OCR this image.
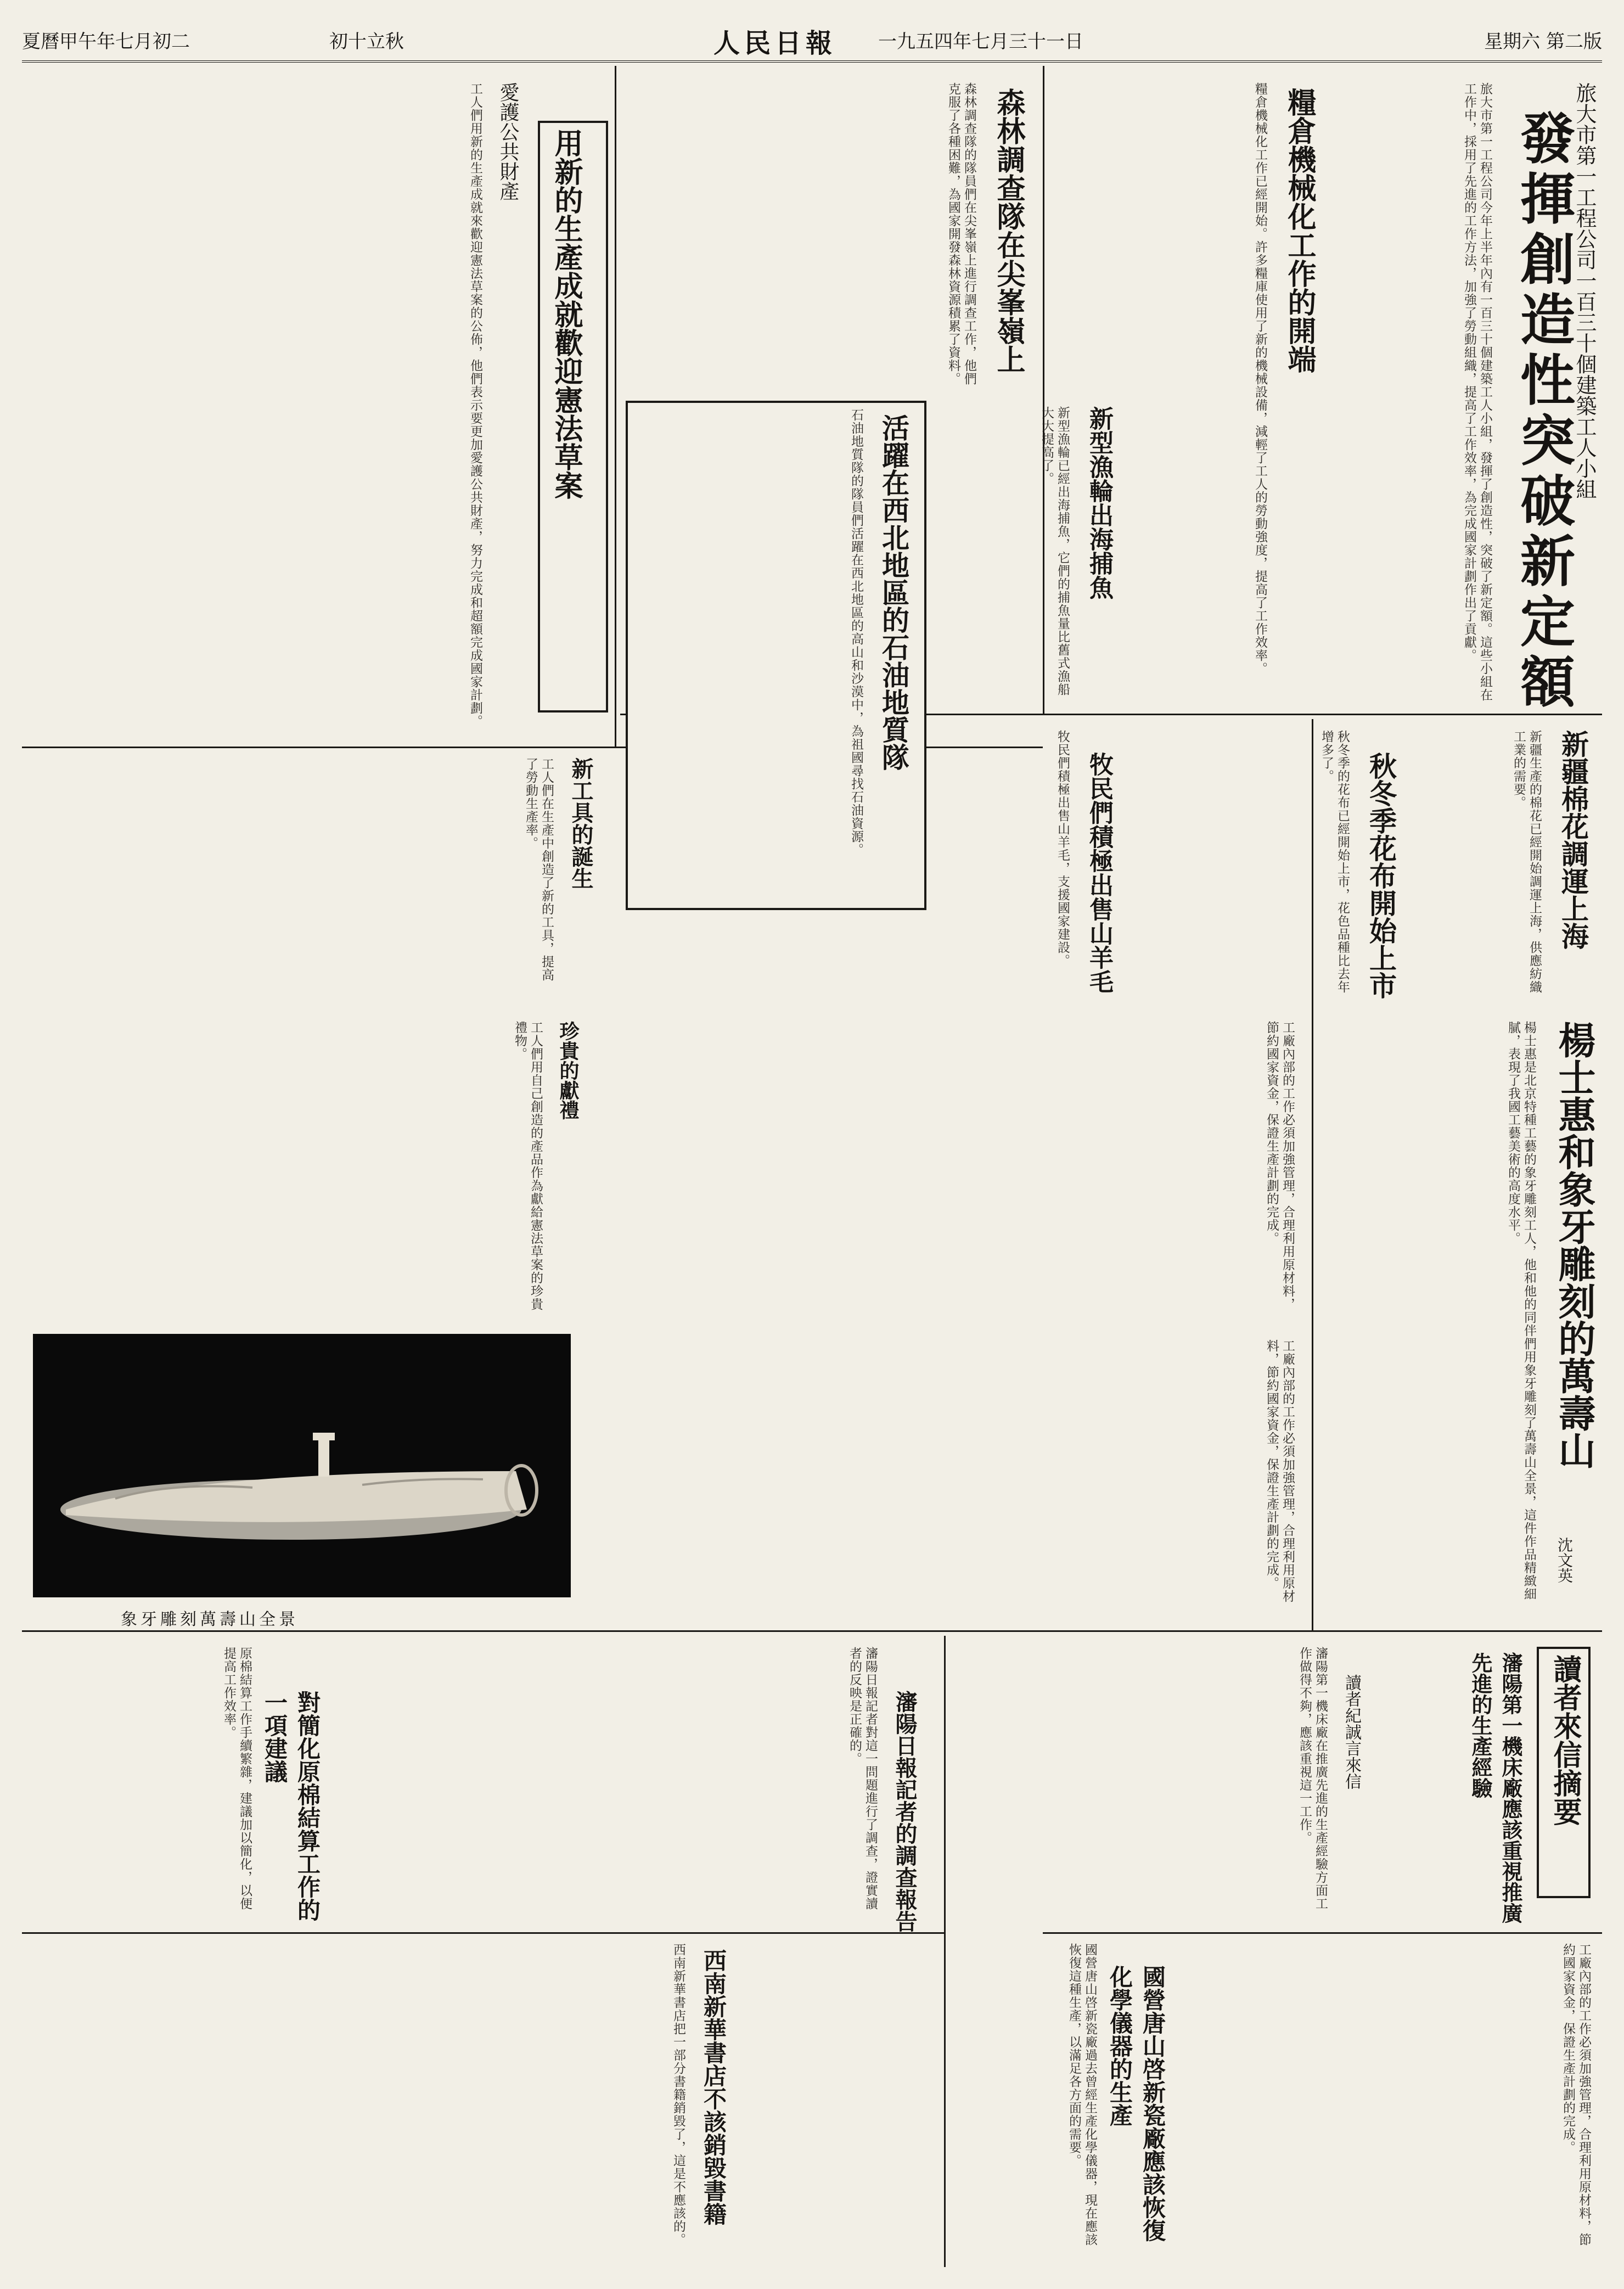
夏曆甲午年七月初二	初十立秋	人民日報 一九五四年七月三十一日	星期六 第二版
發揮創造性突破新定額
旅大市第一工程公司一百三十個建築工人小組
旅大市第一工程公司今年上半年內有一百三十個建築工人小組，發揮了創造性，突破了新定額。這些小組在工作中，採用了先進的工作方法，加強了勞動組織，提高了工作效率，為完成國家計劃作出了貢獻。
糧倉機械化工作的開端
糧倉機械化工作已經開始。許多糧庫使用了新的機械設備，減輕了工人的勞動強度，提高了工作效率。
森林調查隊在尖峯嶺上
森林調查隊的隊員們在尖峯嶺上進行調查工作，他們克服了各種困難，為國家開發森林資源積累了資料。
用新的生產成就歡迎憲法草案
愛護公共財產
工人們用新的生產成就來歡迎憲法草案的公佈，他們表示要更加愛護公共財產，努力完成和超額完成國家計劃。	新型漁輪出海捕魚
新型漁輪已經出海捕魚，它們的捕魚量比舊式漁船大大提高了。
活躍在西北地區的石油地質隊
石油地質隊的隊員們活躍在西北地區的高山和沙漠中，為祖國尋找石油資源。	新疆棉花調運上海
新疆生產的棉花已經開始調運上海，供應紡織工業的需要。
秋冬季花布開始上市
秋冬季的花布已經開始上市，花色品種比去年增多了。
牧民們積極出售山羊毛
牧民們積極出售山羊毛，支援國家建設。
新工具的誕生
工人們在生產中創造了新的工具，提高了勞動生產率。
楊士惠和象牙雕刻的萬壽山
沈文英
楊士惠是北京特種工藝的象牙雕刻工人，他和他的同伴們用象牙雕刻了萬壽山全景，這件作品精緻細膩，表現了我國工藝美術的高度水平。
珍貴的獻禮
工人們用自己創造的產品作為獻給憲法草案的珍貴禮物。	工廠內部的工作必須加強管理，合理利用原材料，節約國家資金，保證生產計劃的完成。
工廠內部的工作必須加強管理，合理利用原材料，節約國家資金，保證生產計劃的完成。
象牙雕刻萬壽山全景
讀者來信摘要
瀋陽第一機床廠應該重視推廣先進的生產經驗
讀者紀誠言來信
瀋陽第一機床廠在推廣先進的生產經驗方面工作做得不夠，應該重視這一工作。
瀋陽日報記者的調查報告
瀋陽日報記者對這一問題進行了調查，證實讀者的反映是正確的。
對簡化原棉結算工作的一項建議
原棉結算工作手續繁雜，建議加以簡化，以便提高工作效率。
國營唐山啓新瓷廠應該恢復化學儀器的生產
國營唐山啓新瓷廠過去曾經生產化學儀器，現在應該恢復這種生產，以滿足各方面的需要。	工廠內部的工作必須加強管理，合理利用原材料，節約國家資金，保證生產計劃的完成。
西南新華書店不該銷毀書籍
西南新華書店把一部分書籍銷毀了，這是不應該的。
